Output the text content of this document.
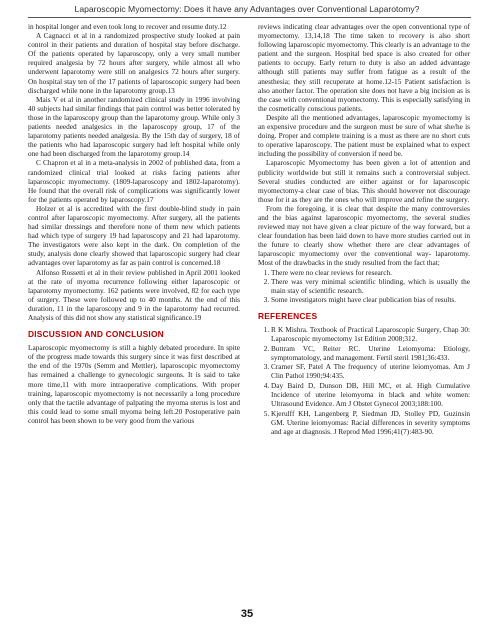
Laparoscopic Myomectomy: Does it have any Advantages over Conventional Laparotomy?

in hospital longer and even took long to recover and resume duty.12

A Cagnacci et al in a randomized prospective study looked at pain control in their patients and duration of hospital stay before discharge. Of the patients operated by laparoscopy, only a very small number required analgesia by 72 hours after surgery, while almost all who underwent laparotomy were still on analgesics 72 hours after surgery. On hospital stay ten of the 17 patients of laparoscopic surgery had been discharged while none in the laparotomy group.13

Mais V et al in another randomized clinical study in 1996 involving 40 subjects had similar findings that pain control was better tolerated by those in the laparoscopy group than the laparotomy group. While only 3 patients needed analgesics in the laparoscopy group, 17 of the laparotomy patients needed analgesia. By the 15th day of surgery, 18 of the patients who had laparoscopic surgery had left hospital while only one had been discharged from the laparotomy group.14

C Chapron et al in a meta-analysis in 2002 of published data, from a randomized clinical trial looked at risks facing patients after laparoscopic myomectomy. (1809-laparoscopy and 1802-laparotomy). He found that the overall risk of complications was significantly lower for the patients operated by laparoscopy.17

Holzer et al is accredited with the first double-blind study in pain control after laparoscopic myomectomy. After surgery, all the patients had similar dressings and therefore none of them new which patients had which type of surgery 19 had laparoscopy and 21 had laparotomy. The investigators were also kept in the dark. On completion of the study, analysis done clearly showed that laparoscopic surgery had clear advantages over laparotomy as far as pain control is concerned.18

Alfonso Rossetti et al in their review published in April 2001 looked at the rate of myoma recurrence following either laparoscopic or laparotomy myomectomy. 162 patients were involved, 82 for each type of surgery. These were followed up to 40 months. At the end of this duration, 11 in the laparoscopy and 9 in the laparotomy had recurred. Analysis of this did not show any statistical significance.19

DISCUSSION AND CONCLUSION

Laparoscopic myomectomy is still a highly debated procedure. In spite of the progress made towards this surgery since it was first described at the end of the 1970s (Semm and Mettler), laparoscopic myomectomy has remained a challenge to gynecologic surgeons. It is said to take more time,11 with more intraoperative complications. With proper training, laparoscopic myomectomy is not necessarily a long procedure only that the tactile advantage of palpating the myoma uterus is lost and this could lead to some small myoma being left.20 Postoperative pain control has been shown to be very good from the various

reviews indicating clear advantages over the open conventional type of myomectomy. 13,14,18 The time taken to recovery is also short following laparoscopic myomectomy. This clearly is an advantage to the patient and the surgeon. Hospital bed space is also created for other patients to occupy. Early return to duty is also an added advantage although still patients may suffer from fatigue as a result of the anesthesia; they still recuperate at home.12-15 Patient satisfaction is also another factor. The operation site does not have a big incision as is the case with conventional myomectomy. This is especially satisfying in the cosmetically conscious patients.

Despite all the mentioned advantages, laparoscopic myomectomy is an expensive procedure and the surgeon must be sure of what she/he is doing. Proper and complete training is a must as there are no short cuts to operative laparoscopy. The patient must be explained what to expect including the possibility of conversion if need be.

Laparoscopic Myomectomy has been given a lot of attention and publicity worldwide but still it remains such a controversial subject. Several studies conducted are either against or for laparoscopic myomectomy-a clear case of bias. This should however not discourage those for it as they are the ones who will improve and refine the surgery.

From the foregoing, it is clear that despite the many controversies and the bias against laparoscopic myomectomy, the several studies reviewed may not have given a clear picture of the way forward, but a clear foundation has been laid down to have more studies carried out in the future to clearly show whether there are clear advantages of laparoscopic myomectomy over the conventional way- laparotomy. Most of the drawbacks in the study resulted from the fact that;

1. There were no clear reviews for research.
2. There was very minimal scientific blinding, which is usually the main stay of scientific research.
3. Some investigators might have clear publication bias of results.
REFERENCES
1. R K Mishra. Textbook of Practical Laparoscopic Surgery, Chap 30: Laparoscopic myomectomy 1st Edition 2008;312.
2. Buttram VC, Reiter RC. Uterine Leiomyoma: Etiology, symptomatology, and management. Fertil steril 1981;36:433.
3. Cramer SF, Patel A The frequency of uterine leiomyomas. Am J Clin Pathol 1990;94:435.
4. Day Baird D, Dunson DB, Hill MC, et al. High Cumulative Incidence of uterine leiomyoma in black and white women: Ultrasound Evidence. Am J Obstet Gynecol 2003;188:100.
5. Kjerulff KH, Langenberg P, Siedman JD, Stolley PD, Guzinsin GM. Uterine leiomyomas: Racial differences in severity symptoms and age at diagnosis. J Reprod Med 1996;41(7):483-90.
35
